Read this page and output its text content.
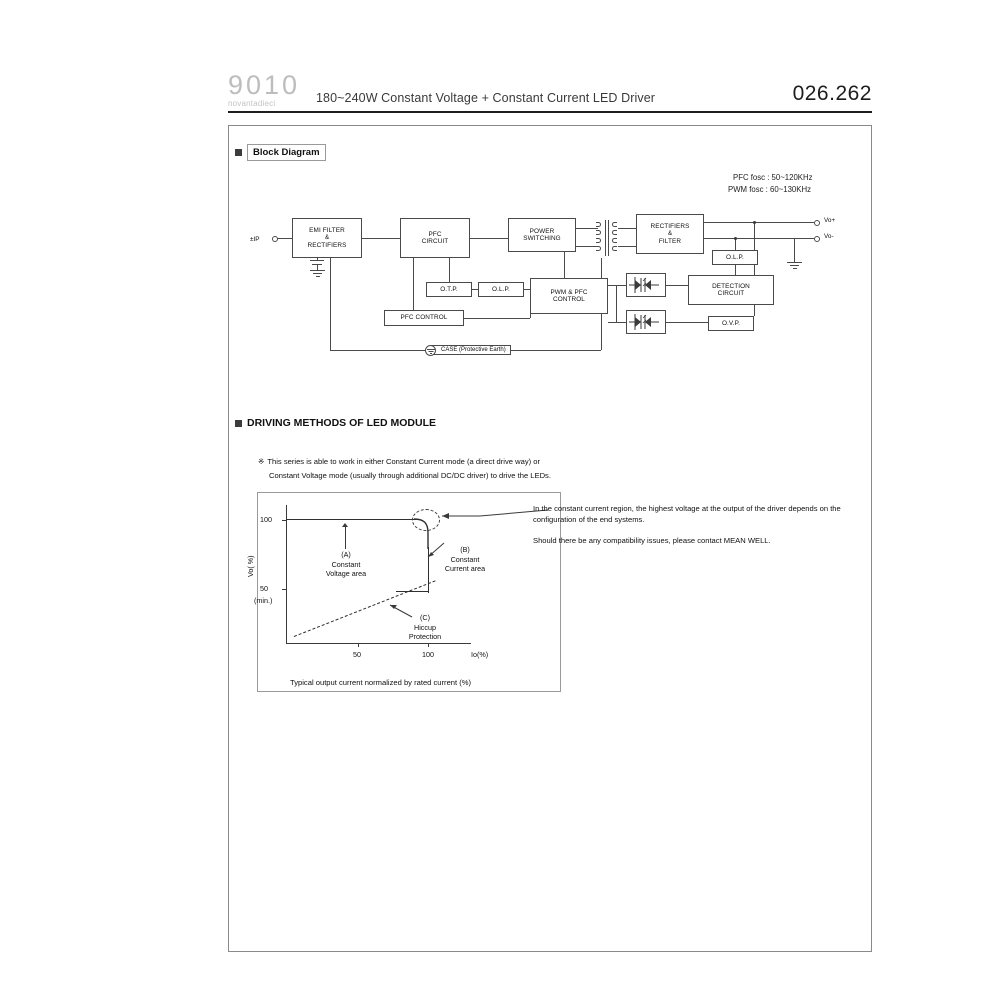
9010
novantadieci	180~240W Constant Voltage + Constant Current LED Driver	026.262
Block Diagram
PFC fosc : 50~120KHz
PWM fosc : 60~130KHz
±IP
EMI FILTER
&
RECTIFIERS
PFC
CIRCUIT
POWER
SWITCHING
RECTIFIERS
&
FILTER
Vo+
Vo-
O.T.P.	O.L.P.	PWM & PFC
CONTROL
PFC CONTROL
O.L.P.
DETECTION
CIRCUIT
O.V.P.
CASE (Protective Earth)
DRIVING METHODS OF LED MODULE
※ This series is able to work in either Constant Current mode (a direct drive way) or
Constant Voltage mode (usually through additional DC/DC driver) to drive the LEDs.
100
50
(min.)
Vo( %)
50	100	Io(%)
(A)
Constant
Voltage area
(B)
Constant
Current area
(C)
Hiccup
Protection
In the constant current region, the highest voltage at the output of the driver depends on the configuration of the end systems.
Should there be any compatibility issues, please contact MEAN WELL.
Typical output current normalized by rated current (%)
